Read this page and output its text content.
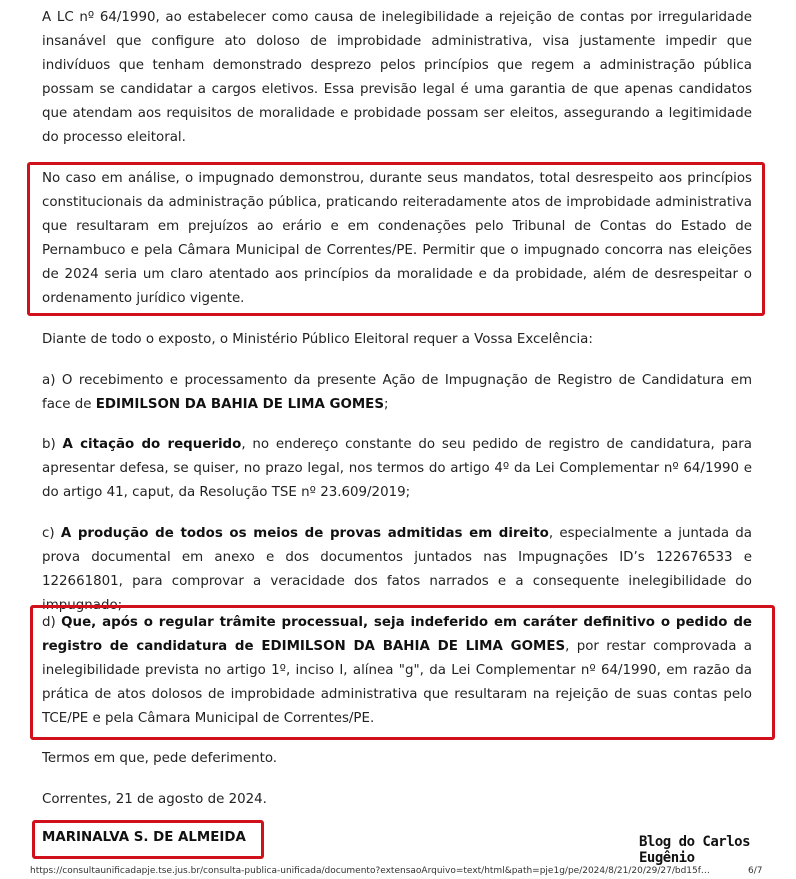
A LC nº 64/1990, ao estabelecer como causa de inelegibilidade a rejeição de contas por irregularidade insanável que configure ato doloso de improbidade administrativa, visa justamente impedir que indivíduos que tenham demonstrado desprezo pelos princípios que regem a administração pública possam se candidatar a cargos eletivos. Essa previsão legal é uma garantia de que apenas candidatos que atendam aos requisitos de moralidade e probidade possam ser eleitos, assegurando a legitimidade do processo eleitoral.

No caso em análise, o impugnado demonstrou, durante seus mandatos, total desrespeito aos princípios constitucionais da administração pública, praticando reiteradamente atos de improbidade administrativa que resultaram em prejuízos ao erário e em condenações pelo Tribunal de Contas do Estado de Pernambuco e pela Câmara Municipal de Correntes/PE. Permitir que o impugnado concorra nas eleições de 2024 seria um claro atentado aos princípios da moralidade e da probidade, além de desrespeitar o ordenamento jurídico vigente.

Diante de todo o exposto, o Ministério Público Eleitoral requer a Vossa Excelência:

a) O recebimento e processamento da presente Ação de Impugnação de Registro de Candidatura em face de EDIMILSON DA BAHIA DE LIMA GOMES;

b) A citação do requerido, no endereço constante do seu pedido de registro de candidatura, para apresentar defesa, se quiser, no prazo legal, nos termos do artigo 4º da Lei Complementar nº 64/1990 e do artigo 41, caput, da Resolução TSE nº 23.609/2019;

c) A produção de todos os meios de provas admitidas em direito, especialmente a juntada da prova documental em anexo e dos documentos juntados nas Impugnações ID’s 122676533 e 122661801, para comprovar a veracidade dos fatos narrados e a consequente inelegibilidade do impugnado;

d) Que, após o regular trâmite processual, seja indeferido em caráter definitivo o pedido de registro de candidatura de EDIMILSON DA BAHIA DE LIMA GOMES, por restar comprovada a inelegibilidade prevista no artigo 1º, inciso I, alínea "g", da Lei Complementar nº 64/1990, em razão da prática de atos dolosos de improbidade administrativa que resultaram na rejeição de suas contas pelo TCE/PE e pela Câmara Municipal de Correntes/PE.

Termos em que, pede deferimento.

Correntes, 21 de agosto de 2024.

MARINALVA S. DE ALMEIDA	Blog do Carlos Eugênio
https://consultaunificadapje.tse.jus.br/consulta-publica-unificada/documento?extensaoArquivo=text/html&path=pje1g/pe/2024/8/21/20/29/27/bd15f…	6/7
